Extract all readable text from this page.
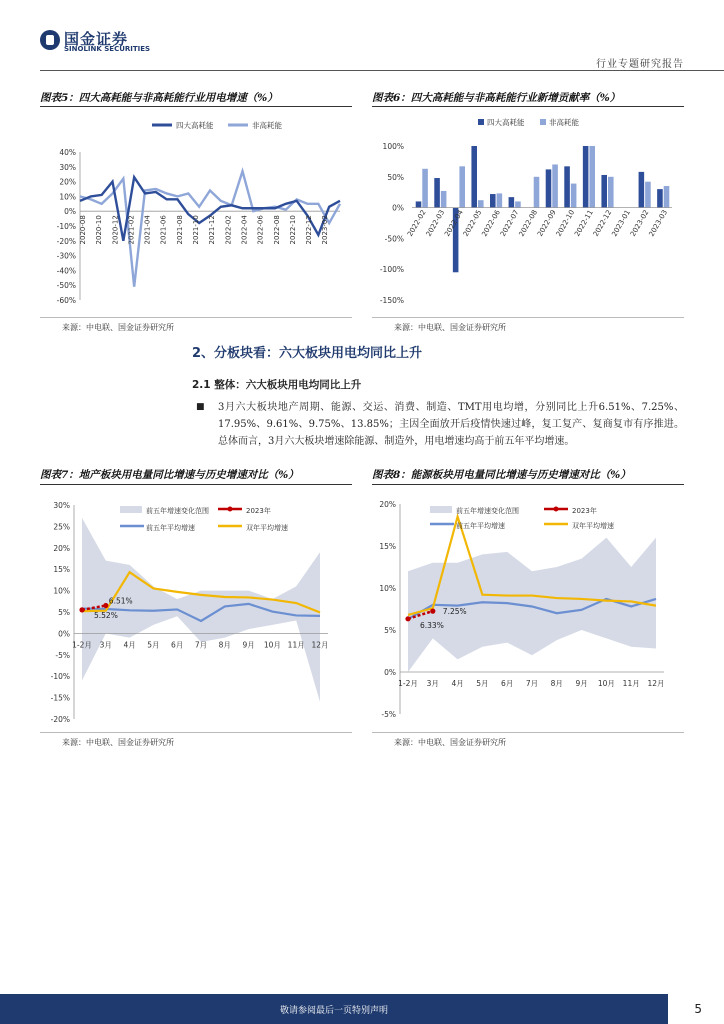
国金证券
SINOLINK SECURITIES
行业专题研究报告
图表5：四大高耗能与非高耗能行业用电增速（%）	图表6：四大高耗能与非高耗能行业新增贡献率（%）
四大高耗能	非高耗能
40%
30%
20%
10%
0%
-10%
-20%
-30%
-40%
-50%
-60%
2020-08 2020-10 2020-12 2021-02 2021-04 2021-06 2021-08 2021-10 2021-12 2022-02 2022-04 2022-06 2022-08 2022-10 2022-12 2023-02
来源：中电联、国金证券研究所
四大高耗能	非高耗能
100%
50%
0%
-50%
-100%
-150%
2022-02
2022-03
2022-04
2022-05
2022-06
2022-07
2022-08
2022-09
2022-10
2022-11
2022-12
2023-01
2023-02
2023-03
来源：中电联、国金证券研究所
2、分板块看：六大板块用电均同比上升
2.1 整体：六大板块用电均同比上升
■ 3月六大板块地产周期、能源、交运、消费、制造、TMT用电均增，分别同比上升6.51%、7.25%、17.95%、9.61%、9.75%、13.85%；主因全面放开后疫情快速过峰，复工复产、复商复市有序推进。总体而言，3月六大板块增速除能源、制造外，用电增速均高于前五年平均增速。
图表7：地产板块用电量同比增速与历史增速对比（%）	图表8：能源板块用电量同比增速与历史增速对比（%）
30%
25%
20%
15%
10%
5%
0%
-5%
-10%
-15%
-20%
1-2月 3月 4月 5月 6月 7月 8月 9月 10月 11月 12月
前五年增速变化范围	2023年
前五年平均增速	双年平均增速
5.52%
6.51%
来源：中电联、国金证券研究所
20%
15%
10%
5%
0%
-5%
1-2月 3月 4月 5月 6月 7月 8月 9月 10月 11月 12月
前五年增速变化范围	2023年
前五年平均增速	双年平均增速
6.33%
7.25%
来源：中电联、国金证券研究所
敬请参阅最后一页特别声明	5
